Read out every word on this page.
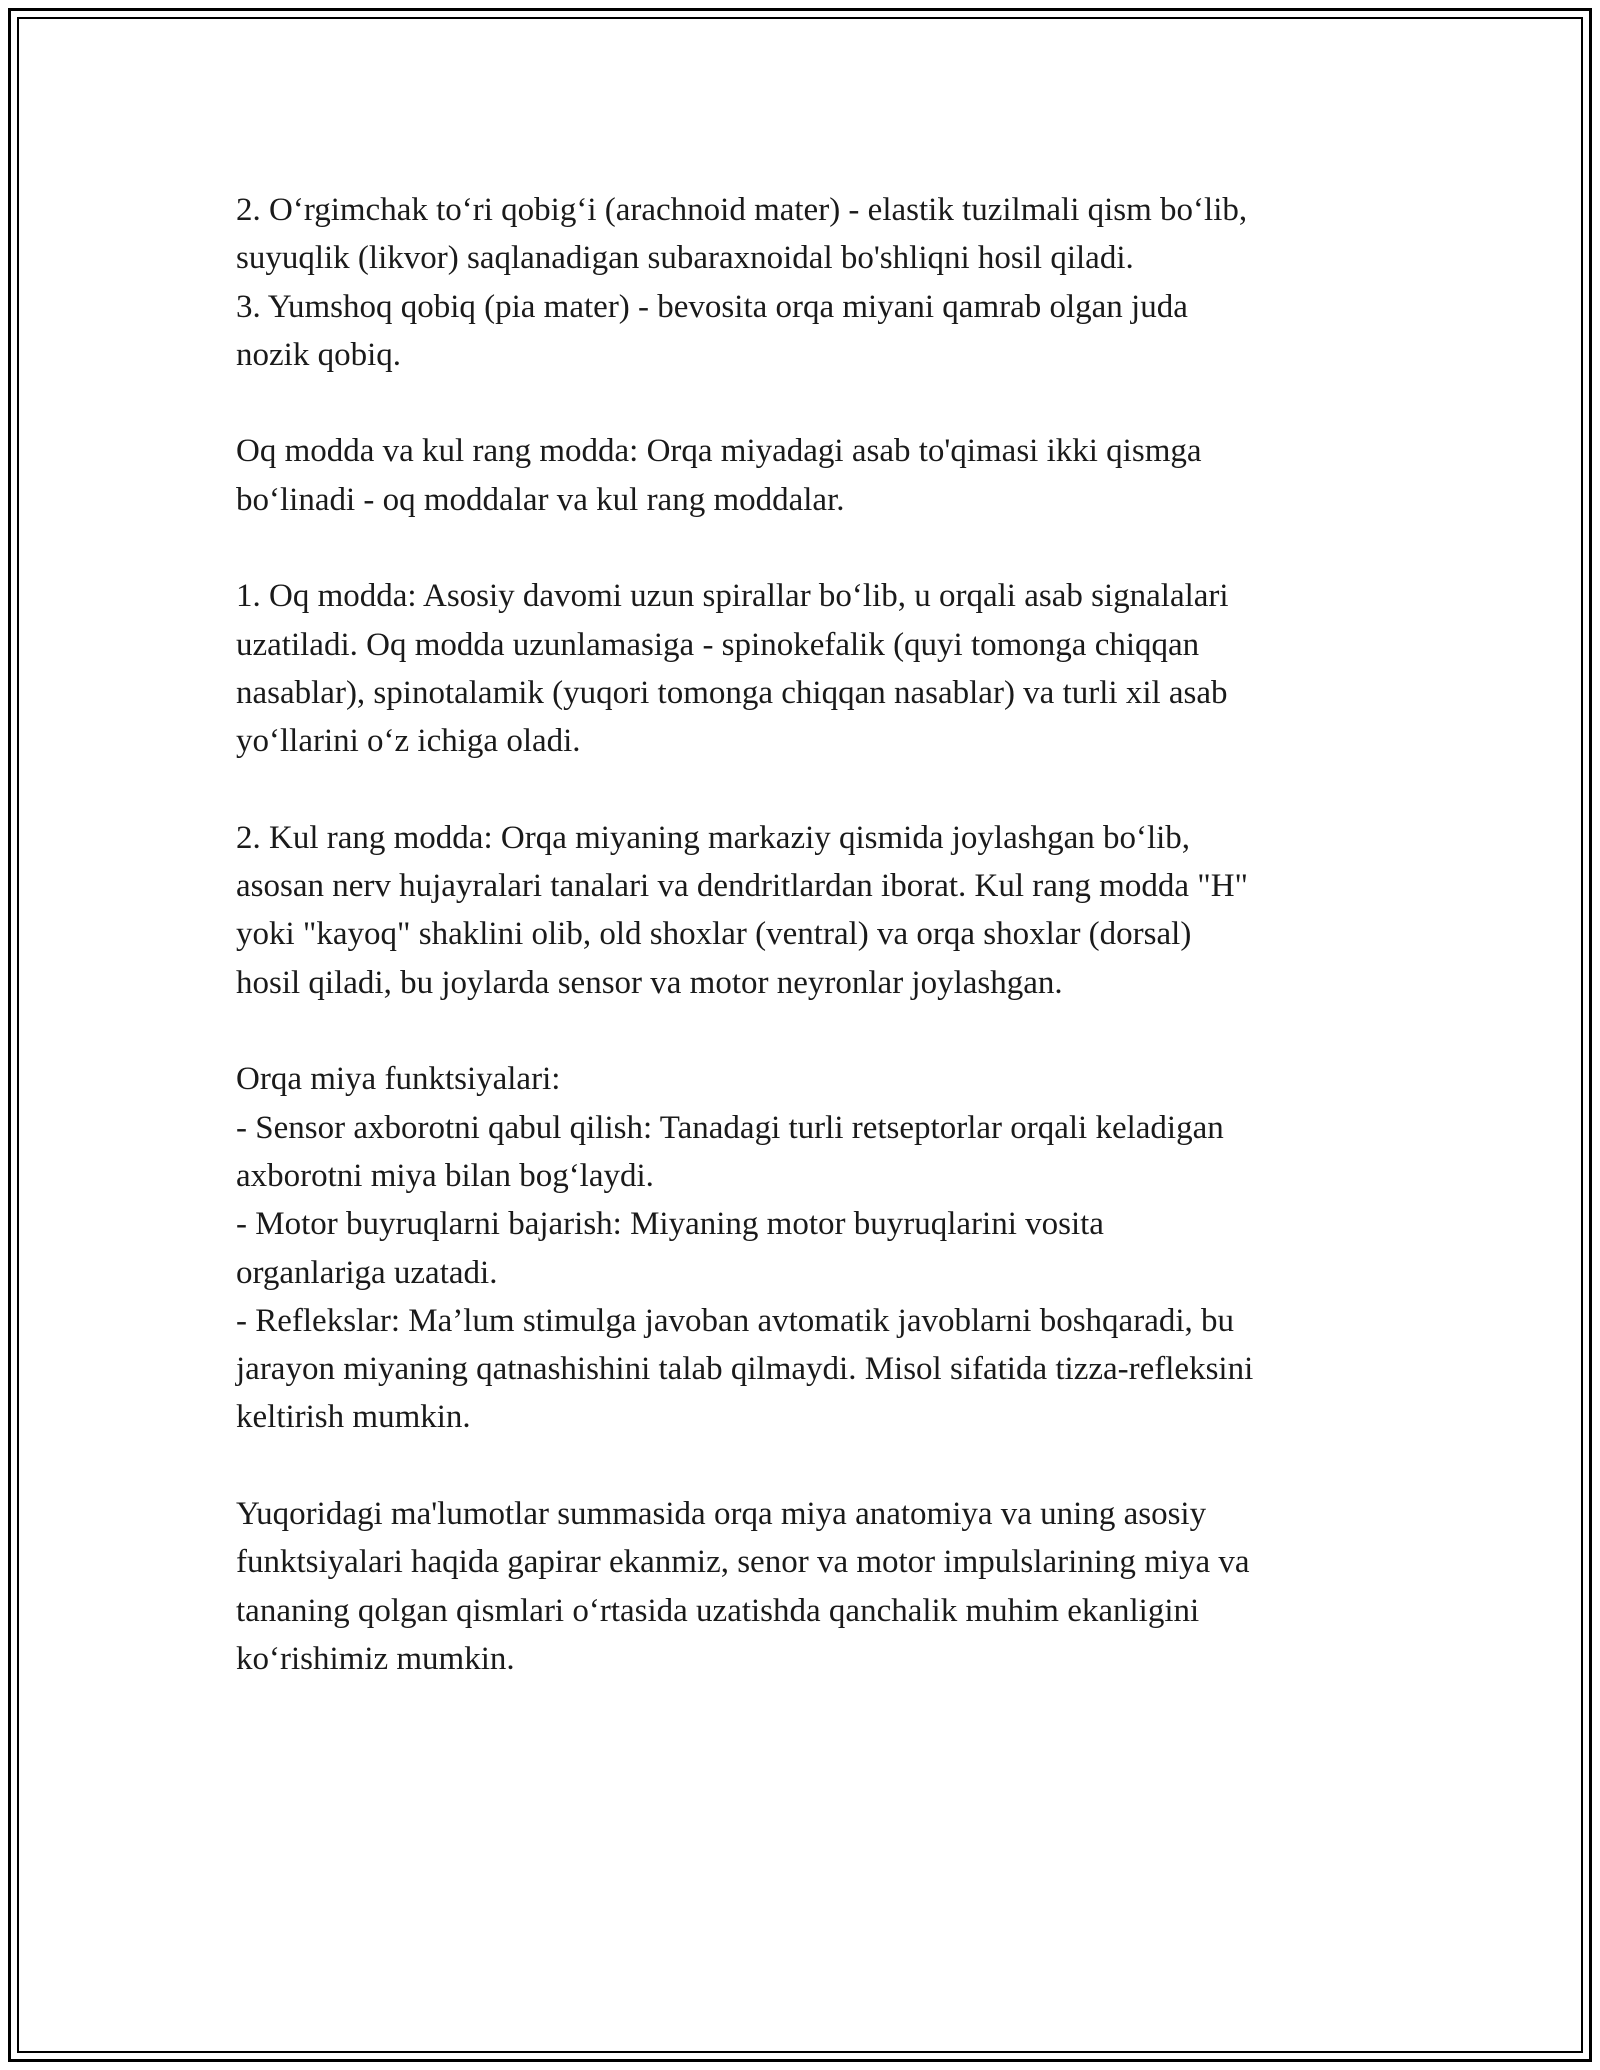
2. O‘rgimchak to‘ri qobig‘i (arachnoid mater) - elastik tuzilmali qism bo‘lib,
suyuqlik (likvor) saqlanadigan subaraxnoidal bo'shliqni hosil qiladi.
3. Yumshoq qobiq (pia mater) - bevosita orqa miyani qamrab olgan juda
nozik qobiq.
Oq modda va kul rang modda: Orqa miyadagi asab to'qimasi ikki qismga
bo‘linadi - oq moddalar va kul rang moddalar.
1. Oq modda: Asosiy davomi uzun spirallar bo‘lib, u orqali asab signalalari
uzatiladi. Oq modda uzunlamasiga - spinokefalik (quyi tomonga chiqqan
nasablar), spinotalamik (yuqori tomonga chiqqan nasablar) va turli xil asab
yo‘llarini o‘z ichiga oladi.
2. Kul rang modda: Orqa miyaning markaziy qismida joylashgan bo‘lib,
asosan nerv hujayralari tanalari va dendritlardan iborat. Kul rang modda "H"
yoki "kayoq" shaklini olib, old shoxlar (ventral) va orqa shoxlar (dorsal)
hosil qiladi, bu joylarda sensor va motor neyronlar joylashgan.
Orqa miya funktsiyalari:
- Sensor axborotni qabul qilish: Tanadagi turli retseptorlar orqali keladigan
axborotni miya bilan bog‘laydi.
- Motor buyruqlarni bajarish: Miyaning motor buyruqlarini vosita
organlariga uzatadi.
- Reflekslar: Ma’lum stimulga javoban avtomatik javoblarni boshqaradi, bu
jarayon miyaning qatnashishini talab qilmaydi. Misol sifatida tizza-refleksini
keltirish mumkin.
Yuqoridagi ma'lumotlar summasida orqa miya anatomiya va uning asosiy
funktsiyalari haqida gapirar ekanmiz, senor va motor impulslarining miya va
tananing qolgan qismlari o‘rtasida uzatishda qanchalik muhim ekanligini
ko‘rishimiz mumkin.
